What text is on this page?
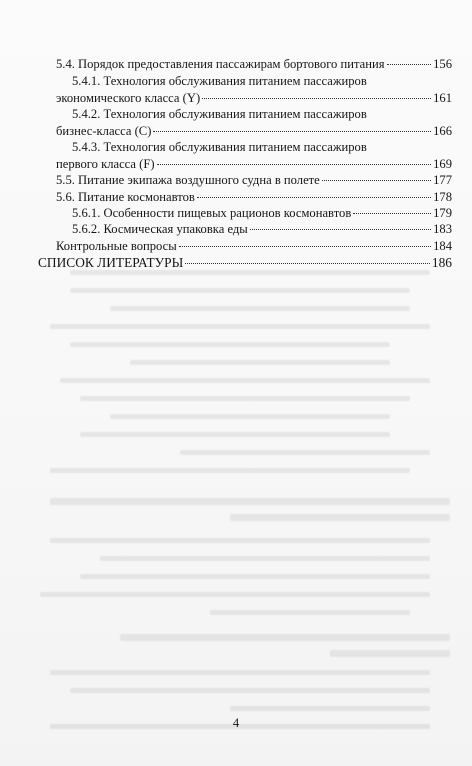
5.4. Порядок предоставления пассажирам бортового питания	156
5.4.1. Технология обслуживания питанием пассажиров
экономического класса (Y)	161
5.4.2. Технология обслуживания питанием пассажиров
бизнес-класса (C)	166
5.4.3. Технология обслуживания питанием пассажиров
первого класса (F)	169
5.5. Питание экипажа воздушного судна в полете	177
5.6. Питание космонавтов	178
5.6.1. Особенности пищевых рационов космонавтов	179
5.6.2. Космическая упаковка еды	183
Контрольные вопросы	184
СПИСОК ЛИТЕРАТУРЫ	186
4
